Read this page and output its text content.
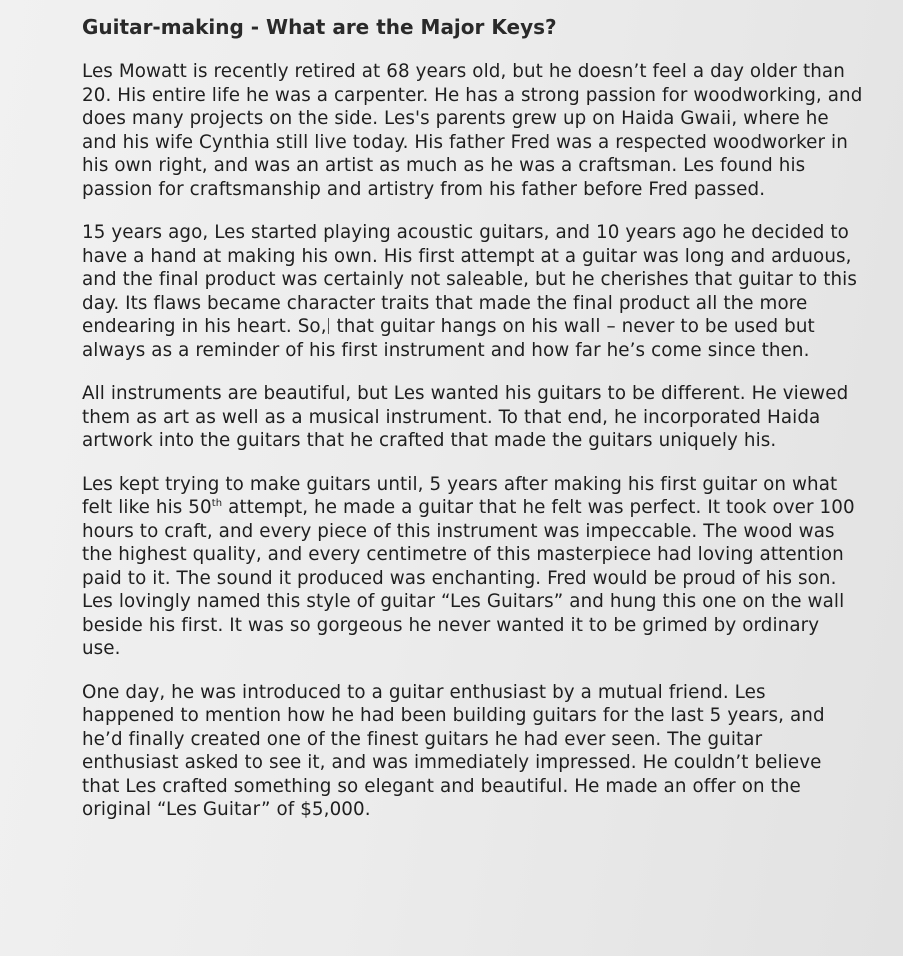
Guitar-making - What are the Major Keys?

Les Mowatt is recently retired at 68 years old, but he doesn’t feel a day older than 20. His entire life he was a carpenter. He has a strong passion for woodworking, and does many projects on the side. Les's parents grew up on Haida Gwaii, where he and his wife Cynthia still live today. His father Fred was a respected woodworker in his own right, and was an artist as much as he was a craftsman. Les found his passion for craftsmanship and artistry from his father before Fred passed.

15 years ago, Les started playing acoustic guitars, and 10 years ago he decided to have a hand at making his own. His first attempt at a guitar was long and arduous, and the final product was certainly not saleable, but he cherishes that guitar to this day. Its flaws became character traits that made the final product all the more endearing in his heart. So, that guitar hangs on his wall – never to be used but always as a reminder of his first instrument and how far he’s come since then.

All instruments are beautiful, but Les wanted his guitars to be different. He viewed them as art as well as a musical instrument. To that end, he incorporated Haida artwork into the guitars that he crafted that made the guitars uniquely his.

Les kept trying to make guitars until, 5 years after making his first guitar on what felt like his 50th attempt, he made a guitar that he felt was perfect. It took over 100 hours to craft, and every piece of this instrument was impeccable. The wood was the highest quality, and every centimetre of this masterpiece had loving attention paid to it. The sound it produced was enchanting. Fred would be proud of his son. Les lovingly named this style of guitar “Les Guitars” and hung this one on the wall beside his first. It was so gorgeous he never wanted it to be grimed by ordinary use.

One day, he was introduced to a guitar enthusiast by a mutual friend. Les happened to mention how he had been building guitars for the last 5 years, and he’d finally created one of the finest guitars he had ever seen. The guitar enthusiast asked to see it, and was immediately impressed. He couldn’t believe that Les crafted something so elegant and beautiful. He made an offer on the original “Les Guitar” of $5,000.
